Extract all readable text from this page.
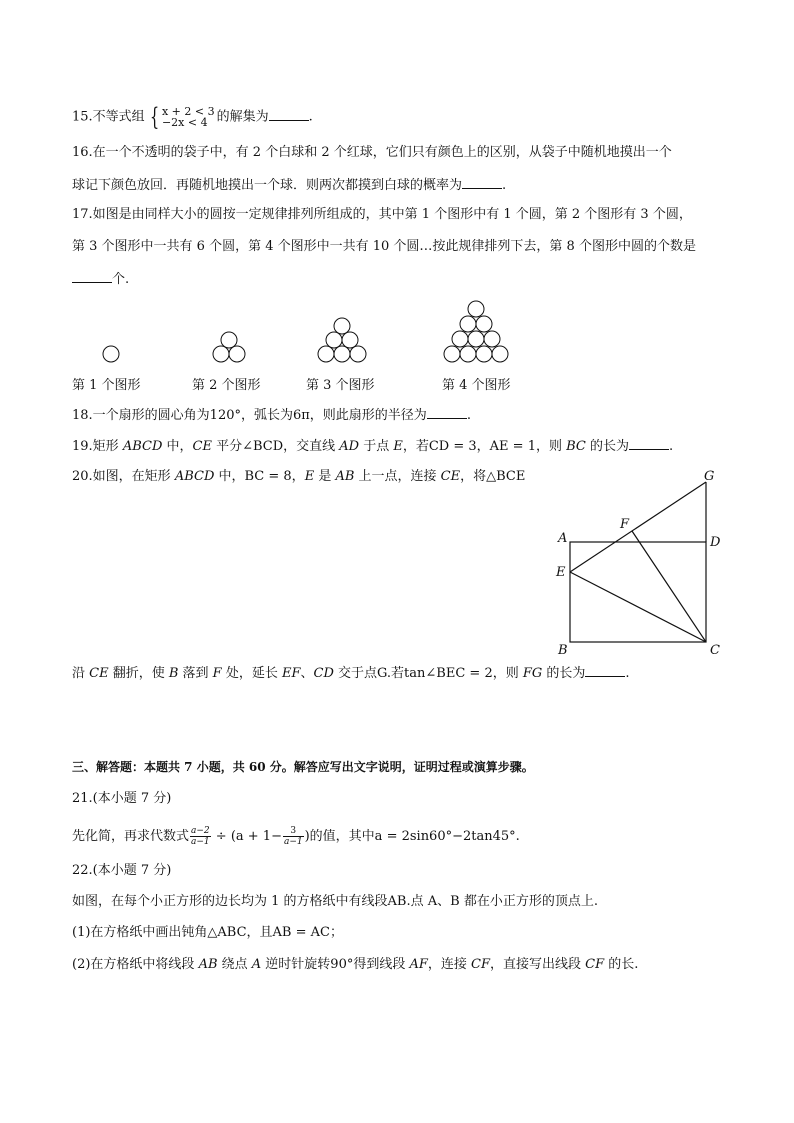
15.不等式组 { x + 2 < 3
−2x < 4 的解集为	.
16.在一个不透明的袋子中，有 2 个白球和 2 个红球，它们只有颜色上的区别，从袋子中随机地摸出一个
球记下颜色放回．再随机地摸出一个球．则两次都摸到白球的概率为	.
17.如图是由同样大小的圆按一定规律排列所组成的，其中第 1 个图形中有 1 个圆，第 2 个图形有 3 个圆，
第 3 个图形中一共有 6 个圆，第 4 个图形中一共有 10 个圆…按此规律排列下去，第 8 个图形中圆的个数是
个.
第 1 个图形	第 2 个图形	第 3 个图形	第 4 个图形
18.一个扇形的圆心角为120°，弧长为6π，则此扇形的半径为	.
19.矩形 ABCD 中，CE 平分∠BCD，交直线 AD 于点 E，若CD = 3，AE = 1，则 BC 的长为	.
20.如图，在矩形 ABCD 中，BC = 8，E 是 AB 上一点，连接 CE，将△BCE
A
E
B	C
D
F
G
沿 CE 翻折，使 B 落到 F 处，延长 EF、CD 交于点G.若tan∠BEC = 2，则 FG 的长为	.
三、解答题：本题共 7 小题，共 60 分。解答应写出文字说明，证明过程或演算步骤。
21.(本小题 7 分)
先化简，再求代数式 $\frac{a-2}{a-1} \div (a + 1- \frac{3}{a-1}$ )的值，其中a = 2sin60°−2tan45°.
22.(本小题 7 分)
如图，在每个小正方形的边长均为 1 的方格纸中有线段AB.点 A、B 都在小正方形的顶点上.
(1)在方格纸中画出钝角△ABC，且AB = AC；
(2)在方格纸中将线段 AB 绕点 A 逆时针旋转90°得到线段 AF，连接 CF，直接写出线段 CF 的长.
